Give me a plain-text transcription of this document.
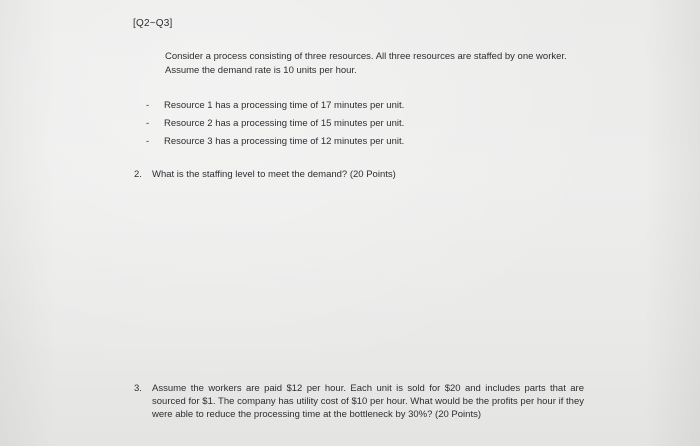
[Q2~Q3]
Consider a process consisting of three resources. All three resources are staffed by one worker. Assume the demand rate is 10 units per hour.
- Resource 1 has a processing time of 17 minutes per unit.
- Resource 2 has a processing time of 15 minutes per unit.
- Resource 3 has a processing time of 12 minutes per unit.
2. What is the staffing level to meet the demand? (20 Points)
3. Assume the workers are paid $12 per hour. Each unit is sold for $20 and includes parts that are sourced for $1. The company has utility cost of $10 per hour. What would be the profits per hour if they were able to reduce the processing time at the bottleneck by 30%? (20 Points)
